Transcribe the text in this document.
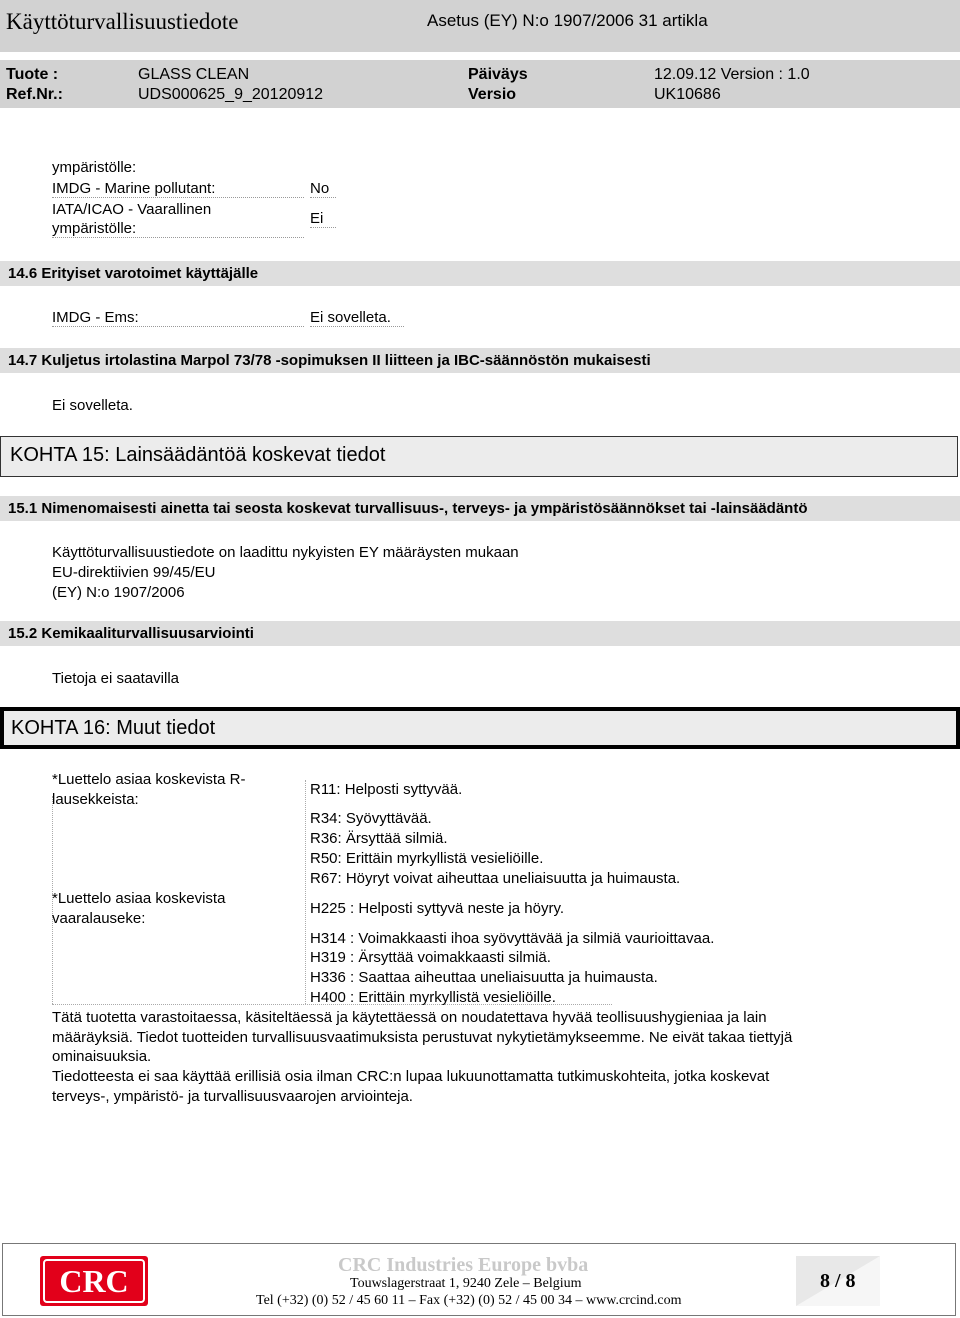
Käyttöturvallisuustiedote	Asetus (EY) N:o 1907/2006 31 artikla
Tuote :	GLASS CLEAN	Päiväys	12.09.12 Version : 1.0
Ref.Nr.:	UDS000625_9_20120912	Versio	UK10686
ympäristölle:
IMDG - Marine pollutant:	No
IATA/ICAO - Vaarallinen
ympäristölle:
Ei
14.6 Erityiset varotoimet käyttäjälle
IMDG - Ems:	Ei sovelleta.
14.7 Kuljetus irtolastina Marpol 73/78 -sopimuksen II liitteen ja IBC-säännöstön mukaisesti
Ei sovelleta.
KOHTA 15: Lainsäädäntöä koskevat tiedot
15.1 Nimenomaisesti ainetta tai seosta koskevat turvallisuus-, terveys- ja ympäristösäännökset tai -lainsäädäntö
Käyttöturvallisuustiedote on laadittu nykyisten EY määräysten mukaan
EU-direktiivien 99/45/EU
(EY) N:o 1907/2006
15.2 Kemikaaliturvallisuusarviointi
Tietoja ei saatavilla
KOHTA 16: Muut tiedot
*Luettelo asiaa koskevista R-
lausekkeista:
R11: Helposti syttyvää.
R34: Syövyttävää.
R36: Ärsyttää silmiä.
R50: Erittäin myrkyllistä vesieliöille.
R67: Höyryt voivat aiheuttaa uneliaisuutta ja huimausta.
*Luettelo asiaa koskevista
vaaralauseke:
H225 : Helposti syttyvä neste ja höyry.
H314 : Voimakkaasti ihoa syövyttävää ja silmiä vaurioittavaa.
H319 : Ärsyttää voimakkaasti silmiä.
H336 : Saattaa aiheuttaa uneliaisuutta ja huimausta.
H400 : Erittäin myrkyllistä vesieliöille.
Tätä tuotetta varastoitaessa, käsiteltäessä ja käytettäessä on noudatettava hyvää teollisuushygieniaa ja lain
määräyksiä. Tiedot tuotteiden turvallisuusvaatimuksista perustuvat nykytietämykseemme. Ne eivät takaa tiettyjä
ominaisuuksia.
Tiedotteesta ei saa käyttää erillisiä osia ilman CRC:n lupaa lukuunottamatta tutkimuskohteita, jotka koskevat
terveys-, ympäristö- ja turvallisuusvaarojen arviointeja.
CRC	CRC Industries Europe bvba
Touwslagerstraat 1, 9240 Zele – Belgium
Tel (+32) (0) 52 / 45 60 11 – Fax (+32) (0) 52 / 45 00 34 – www.crcind.com
8 / 8
